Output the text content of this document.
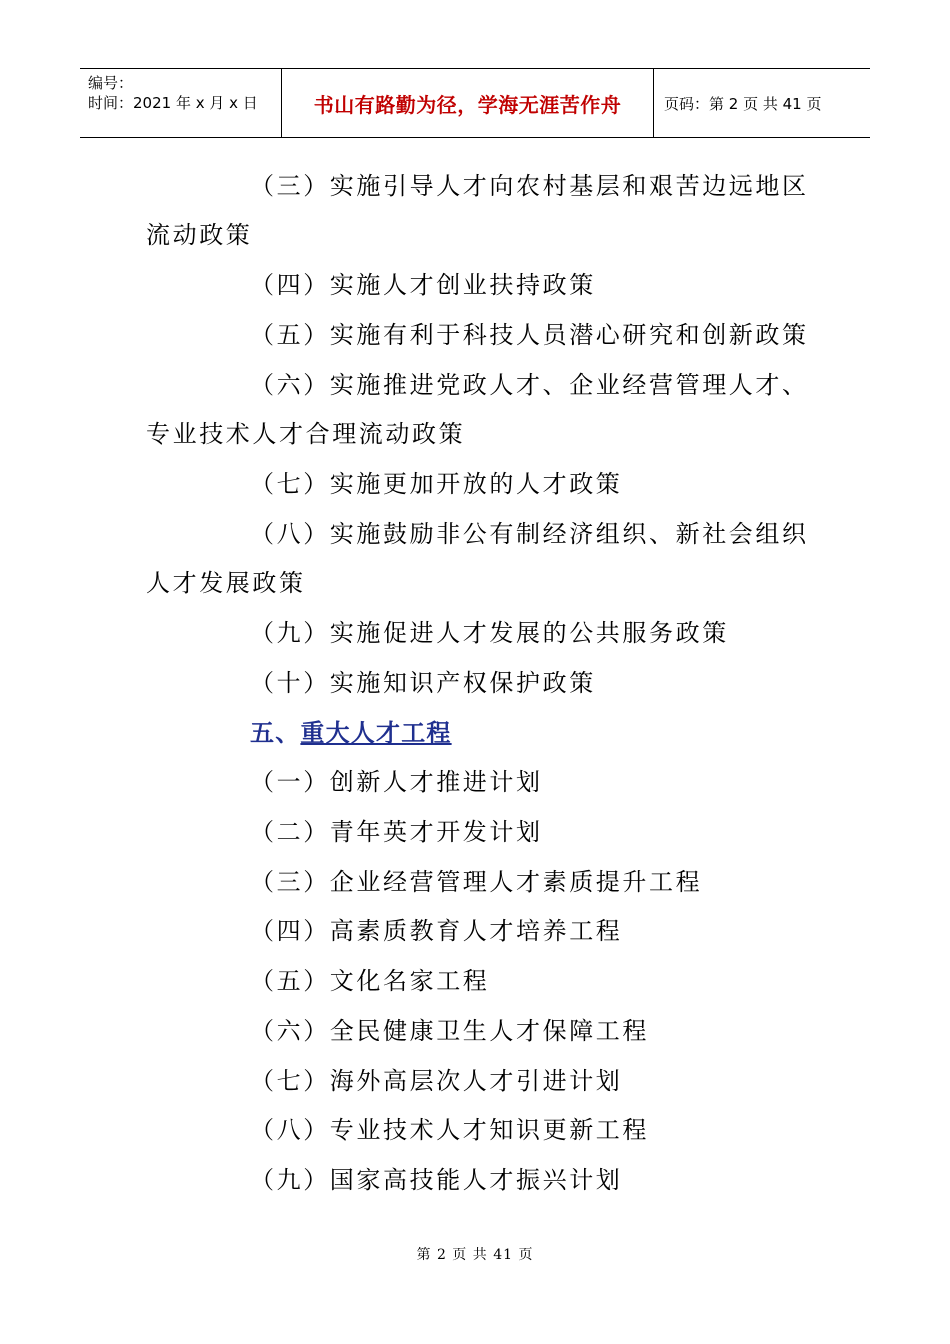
编号：
时间：2021 年 x 月 x 日	书山有路勤为径，学海无涯苦作舟	页码：第 2 页 共 41 页
（三）实施引导人才向农村基层和艰苦边远地区
流动政策
（四）实施人才创业扶持政策
（五）实施有利于科技人员潜心研究和创新政策
（六）实施推进党政人才、企业经营管理人才、
专业技术人才合理流动政策
（七）实施更加开放的人才政策
（八）实施鼓励非公有制经济组织、新社会组织
人才发展政策
（九）实施促进人才发展的公共服务政策
（十）实施知识产权保护政策
五、重大人才工程
（一）创新人才推进计划
（二）青年英才开发计划
（三）企业经营管理人才素质提升工程
（四）高素质教育人才培养工程
（五）文化名家工程
（六）全民健康卫生人才保障工程
（七）海外高层次人才引进计划
（八）专业技术人才知识更新工程
（九）国家高技能人才振兴计划
第 2 页 共 41 页
